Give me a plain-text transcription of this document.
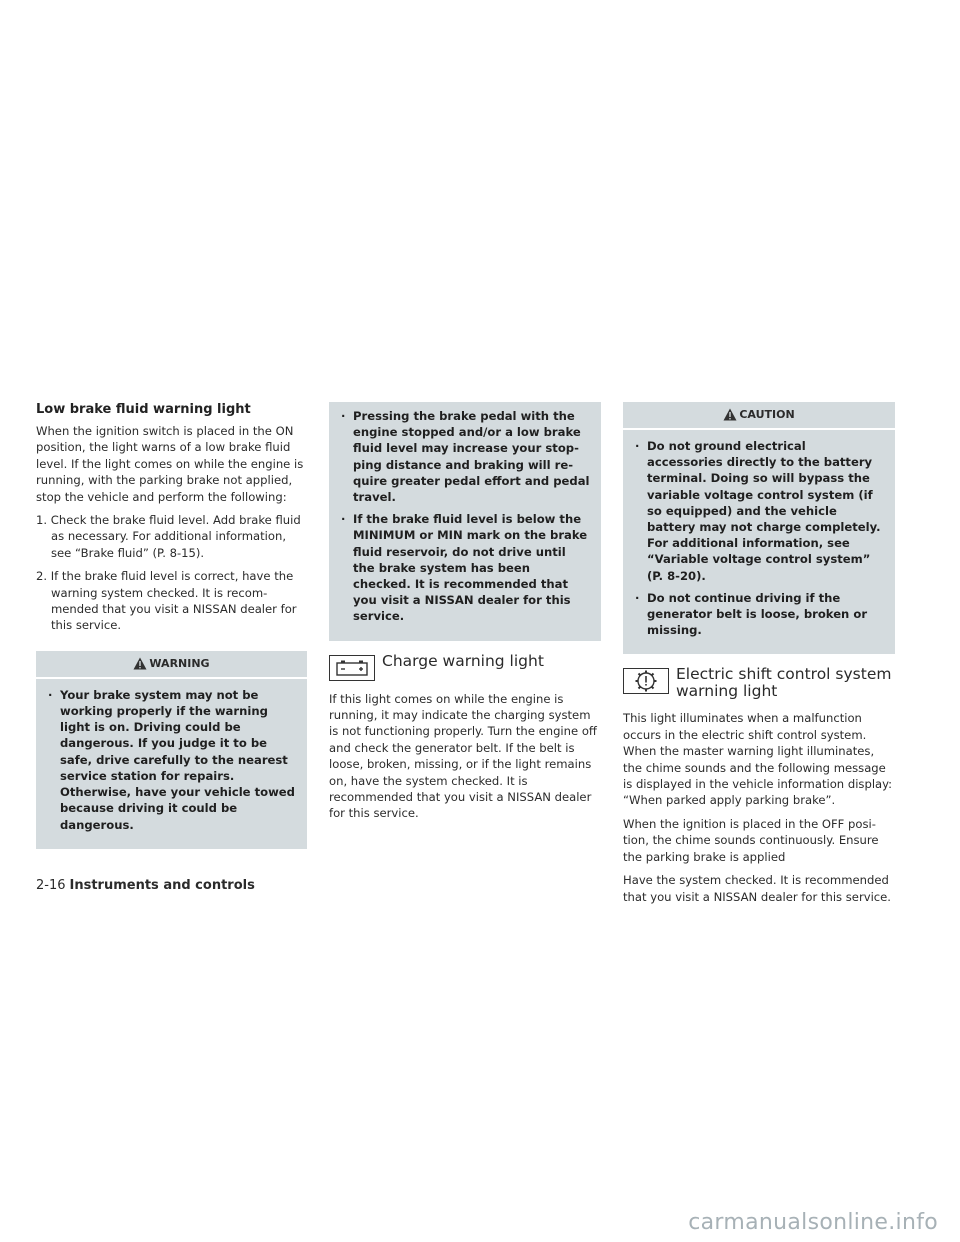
Low brake fluid warning light

When the ignition switch is placed in the ON position, the light warns of a low brake fluid level. If the light comes on while the engine is running, with the parking brake not applied, stop the vehicle and perform the following:

1. Check the brake fluid level. Add brake fluid as necessary. For additional information, see “Brake fluid” (P. 8-15).
2. If the brake fluid level is correct, have the warning system checked. It is recommended that you visit a NISSAN dealer for this service.
WARNING
· Your brake system may not be working properly if the warning light is on. Driving could be dangerous. If you judge it to be safe, drive carefully to the nearest service station for repairs. Otherwise, have your vehicle towed because driving it could be dangerous.
· Pressing the brake pedal with the engine stopped and/or a low brake fluid level may increase your stopping distance and braking will require greater pedal effort and pedal travel.
· If the brake fluid level is below the MINIMUM or MIN mark on the brake fluid reservoir, do not drive until the brake system has been checked. It is recommended that you visit a NISSAN dealer for this service.
Charge warning light

If this light comes on while the engine is running, it may indicate the charging system is not functioning properly. Turn the engine off and check the generator belt. If the belt is loose, broken, missing, or if the light remains on, have the system checked. It is recommended that you visit a NISSAN dealer for this service.

CAUTION
· Do not ground electrical accessories directly to the battery terminal. Doing so will bypass the variable voltage control system (if so equipped) and the vehicle battery may not charge completely. For additional information, see “Variable voltage control system” (P. 8-20).
· Do not continue driving if the generator belt is loose, broken or missing.
Electric shift control system warning light

This light illuminates when a malfunction occurs in the electric shift control system. When the master warning light illuminates, the chime sounds and the following message is displayed in the vehicle information display: “When parked apply parking brake”.

When the ignition is placed in the OFF position, the chime sounds continuously. Ensure the parking brake is applied

Have the system checked. It is recommended that you visit a NISSAN dealer for this service.

2-16 Instruments and controls
carmanualsonline.info
